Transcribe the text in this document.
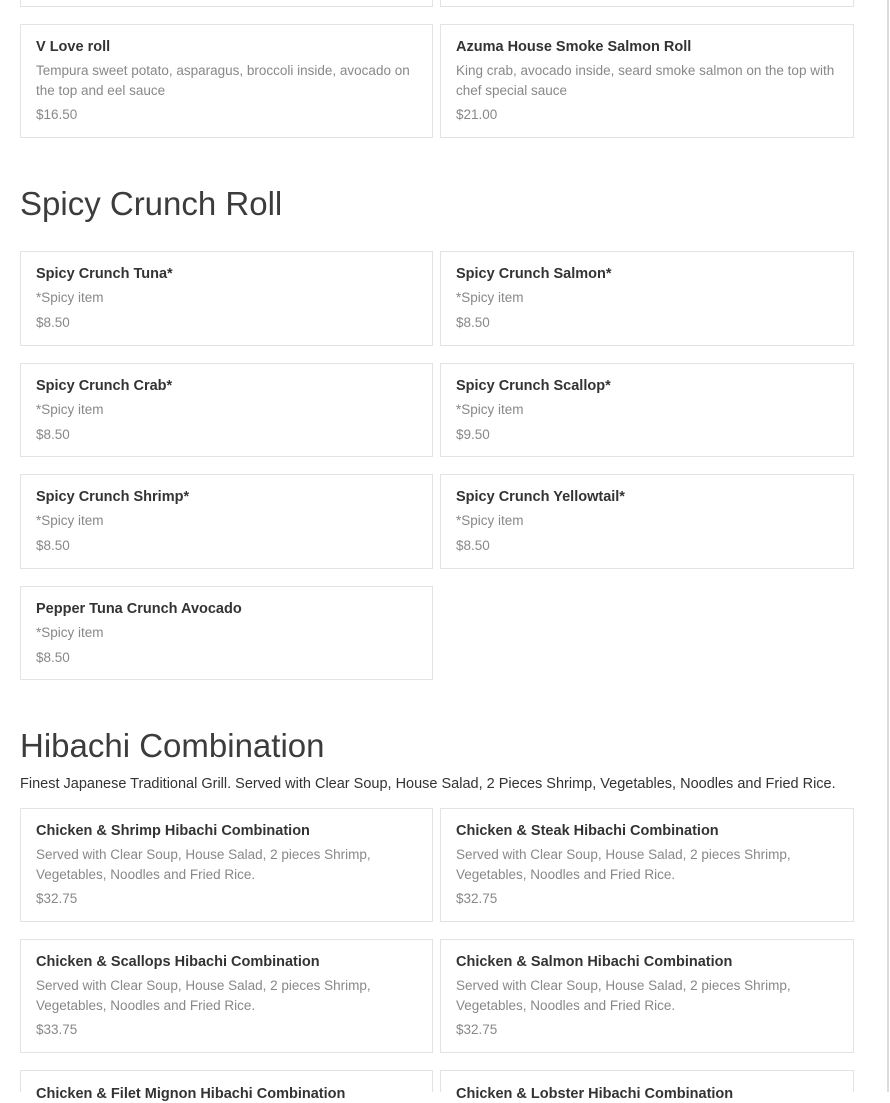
V Love roll
Tempura sweet potato, asparagus, broccoli inside, avocado on the top and eel sauce
$16.50
Azuma House Smoke Salmon Roll
King crab, avocado inside, seard smoke salmon on the top with chef special sauce
$21.00
Spicy Crunch Roll
Spicy Crunch Tuna*
*Spicy item
$8.50
Spicy Crunch Salmon*
*Spicy item
$8.50
Spicy Crunch Crab*
*Spicy item
$8.50
Spicy Crunch Scallop*
*Spicy item
$9.50
Spicy Crunch Shrimp*
*Spicy item
$8.50
Spicy Crunch Yellowtail*
*Spicy item
$8.50
Pepper Tuna Crunch Avocado
*Spicy item
$8.50
Hibachi Combination
Finest Japanese Traditional Grill. Served with Clear Soup, House Salad, 2 Pieces Shrimp, Vegetables, Noodles and Fried Rice.
Chicken & Shrimp Hibachi Combination
Served with Clear Soup, House Salad, 2 pieces Shrimp, Vegetables, Noodles and Fried Rice.
$32.75
Chicken & Steak Hibachi Combination
Served with Clear Soup, House Salad, 2 pieces Shrimp, Vegetables, Noodles and Fried Rice.
$32.75
Chicken & Scallops Hibachi Combination
Served with Clear Soup, House Salad, 2 pieces Shrimp, Vegetables, Noodles and Fried Rice.
$33.75
Chicken & Salmon Hibachi Combination
Served with Clear Soup, House Salad, 2 pieces Shrimp, Vegetables, Noodles and Fried Rice.
$32.75
Chicken & Filet Mignon Hibachi Combination	Chicken & Lobster Hibachi Combination
